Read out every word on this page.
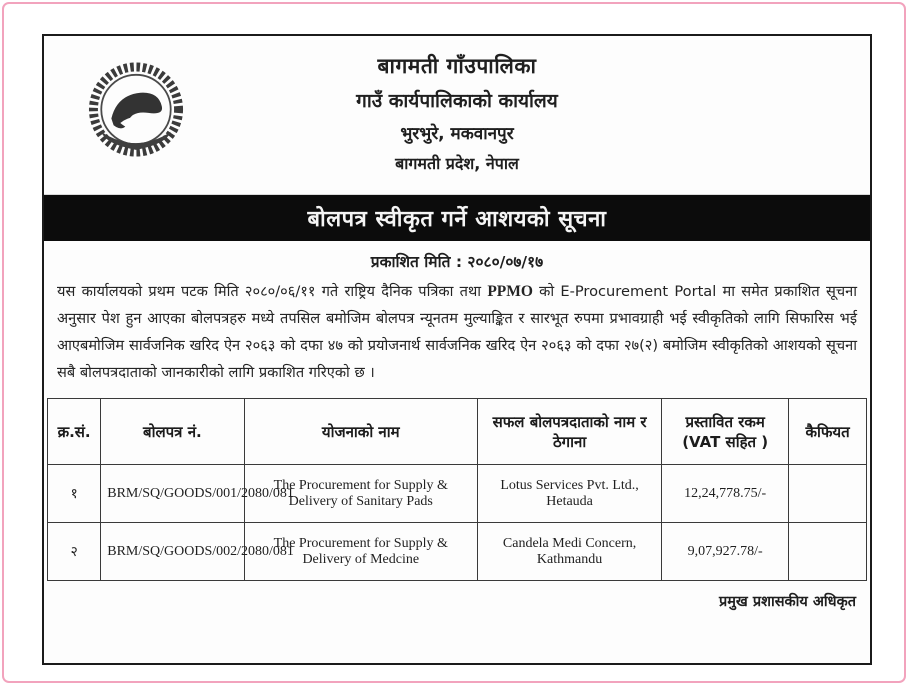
बागमती गाँउपालिका
गाउँ कार्यपालिकाको कार्यालय
भुरभुरे, मकवानपुर
बागमती प्रदेश, नेपाल
बोलपत्र स्वीकृत गर्ने आशयको सूचना
प्रकाशित मिति : २०८०/०७/१७

यस कार्यालयको प्रथम पटक मिति २०८०/०६/११ गते राष्ट्रिय दैनिक पत्रिका तथा PPMO को E-Procurement Portal मा समेत प्रकाशित सूचना अनुसार पेश हुन आएका बोलपत्रहरु मध्ये तपसिल बमोजिम बोलपत्र न्यूनतम मुल्याङ्कित र सारभूत रुपमा प्रभावग्राही भई स्वीकृतिको लागि सिफारिस भई आएबमोजिम सार्वजनिक खरिद ऐन २०६३ को दफा ४७ को प्रयोजनार्थ सार्वजनिक खरिद ऐन २०६३ को दफा २७(२) बमोजिम स्वीकृतिको आशयको सूचना सबै बोलपत्रदाताको जानकारीको लागि प्रकाशित गरिएको छ ।

क्र.सं.	बोलपत्र नं.	योजनाको नाम	सफल बोलपत्रदाताको नाम र ठेगाना	प्रस्तावित रकम (VAT सहित )	कैफियत
१	BRM/SQ/GOODS/001/2080/081	The Procurement for Supply & Delivery of Sanitary Pads	Lotus Services Pvt. Ltd., Hetauda	12,24,778.75/-	
२	BRM/SQ/GOODS/002/2080/081	The Procurement for Supply & Delivery of Medcine	Candela Medi Concern, Kathmandu	9,07,927.78/-	
प्रमुख प्रशासकीय अधिकृत
